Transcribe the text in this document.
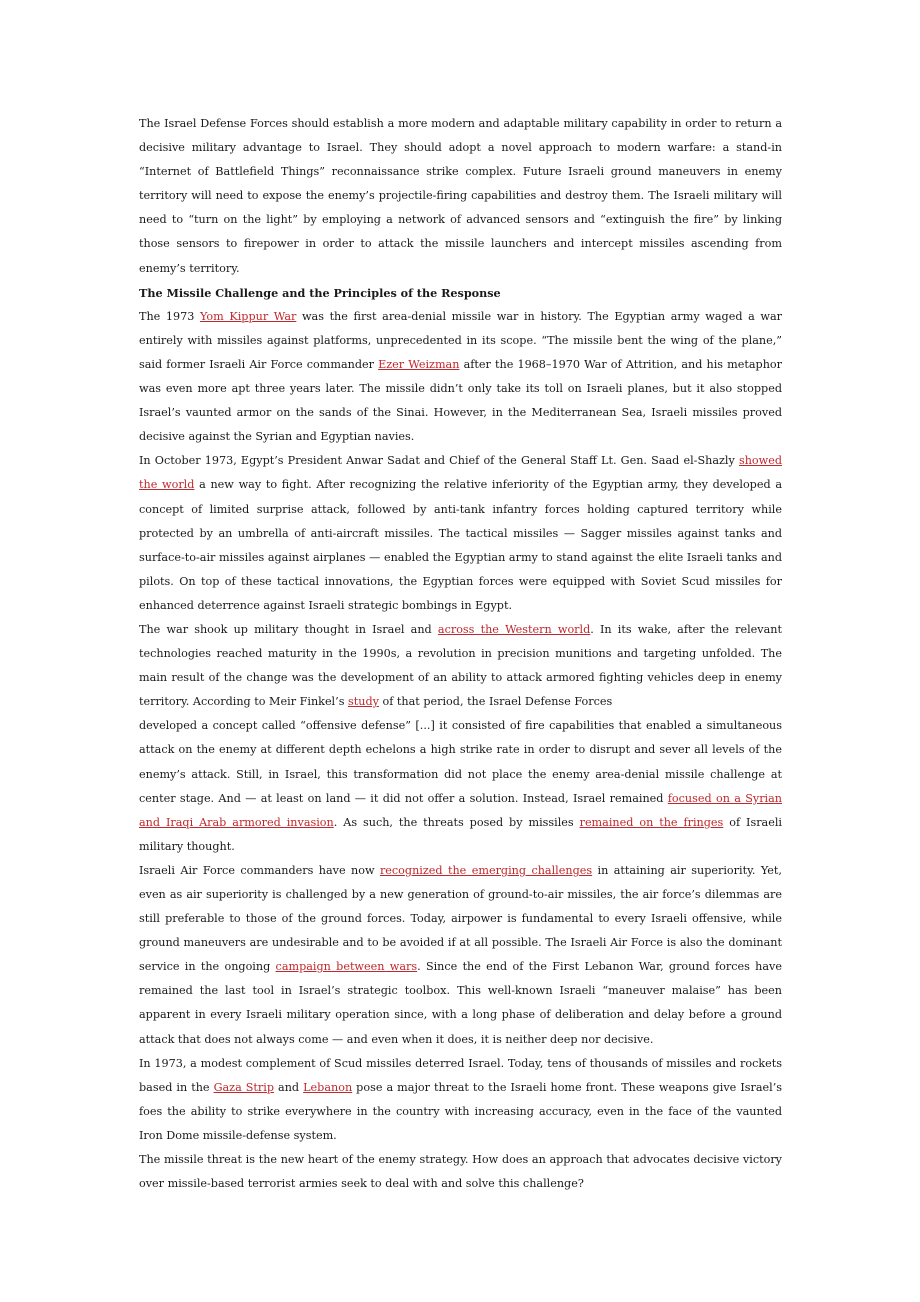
The Israel Defense Forces should establish a more modern and adaptable military capability in order to return a decisive military advantage to Israel. They should adopt a novel approach to modern warfare: a stand-in “Internet of Battlefield Things” reconnaissance strike complex. Future Israeli ground maneuvers in enemy territory will need to expose the enemy’s projectile-firing capabilities and destroy them. The Israeli military will need to “turn on the light” by employing a network of advanced sensors and “extinguish the fire” by linking those sensors to firepower in order to attack the missile launchers and intercept missiles ascending from enemy’s territory.

The Missile Challenge and the Principles of the Response

The 1973 Yom Kippur War was the first area-denial missile war in history. The Egyptian army waged a war entirely with missiles against platforms, unprecedented in its scope. “The missile bent the wing of the plane,” said former Israeli Air Force commander Ezer Weizman after the 1968–1970 War of Attrition, and his metaphor was even more apt three years later. The missile didn’t only take its toll on Israeli planes, but it also stopped Israel’s vaunted armor on the sands of the Sinai. However, in the Mediterranean Sea, Israeli missiles proved decisive against the Syrian and Egyptian navies.

In October 1973, Egypt’s President Anwar Sadat and Chief of the General Staff Lt. Gen. Saad el-Shazly showed the world a new way to fight. After recognizing the relative inferiority of the Egyptian army, they developed a concept of limited surprise attack, followed by anti-tank infantry forces holding captured territory while protected by an umbrella of anti-aircraft missiles. The tactical missiles — Sagger missiles against tanks and surface-to-air missiles against airplanes — enabled the Egyptian army to stand against the elite Israeli tanks and pilots. On top of these tactical innovations, the Egyptian forces were equipped with Soviet Scud missiles for enhanced deterrence against Israeli strategic bombings in Egypt.

The war shook up military thought in Israel and across the Western world. In its wake, after the relevant technologies reached maturity in the 1990s, a revolution in precision munitions and targeting unfolded. The main result of the change was the development of an ability to attack armored fighting vehicles deep in enemy territory. According to Meir Finkel’s study of that period, the Israel Defense Forces

developed a concept called “offensive defense” [...] it consisted of fire capabilities that enabled a simultaneous attack on the enemy at different depth echelons a high strike rate in order to disrupt and sever all levels of the enemy’s attack. Still, in Israel, this transformation did not place the enemy area-denial missile challenge at center stage. And — at least on land — it did not offer a solution. Instead, Israel remained focused on a Syrian and Iraqi Arab armored invasion. As such, the threats posed by missiles remained on the fringes of Israeli military thought.

Israeli Air Force commanders have now recognized the emerging challenges in attaining air superiority. Yet, even as air superiority is challenged by a new generation of ground-to-air missiles, the air force’s dilemmas are still preferable to those of the ground forces. Today, airpower is fundamental to every Israeli offensive, while ground maneuvers are undesirable and to be avoided if at all possible. The Israeli Air Force is also the dominant service in the ongoing campaign between wars. Since the end of the First Lebanon War, ground forces have remained the last tool in Israel’s strategic toolbox. This well-known Israeli “maneuver malaise” has been apparent in every Israeli military operation since, with a long phase of deliberation and delay before a ground attack that does not always come — and even when it does, it is neither deep nor decisive.

In 1973, a modest complement of Scud missiles deterred Israel. Today, tens of thousands of missiles and rockets based in the Gaza Strip and Lebanon pose a major threat to the Israeli home front. These weapons give Israel’s foes the ability to strike everywhere in the country with increasing accuracy, even in the face of the vaunted Iron Dome missile-defense system.

The missile threat is the new heart of the enemy strategy. How does an approach that advocates decisive victory over missile-based terrorist armies seek to deal with and solve this challenge?
